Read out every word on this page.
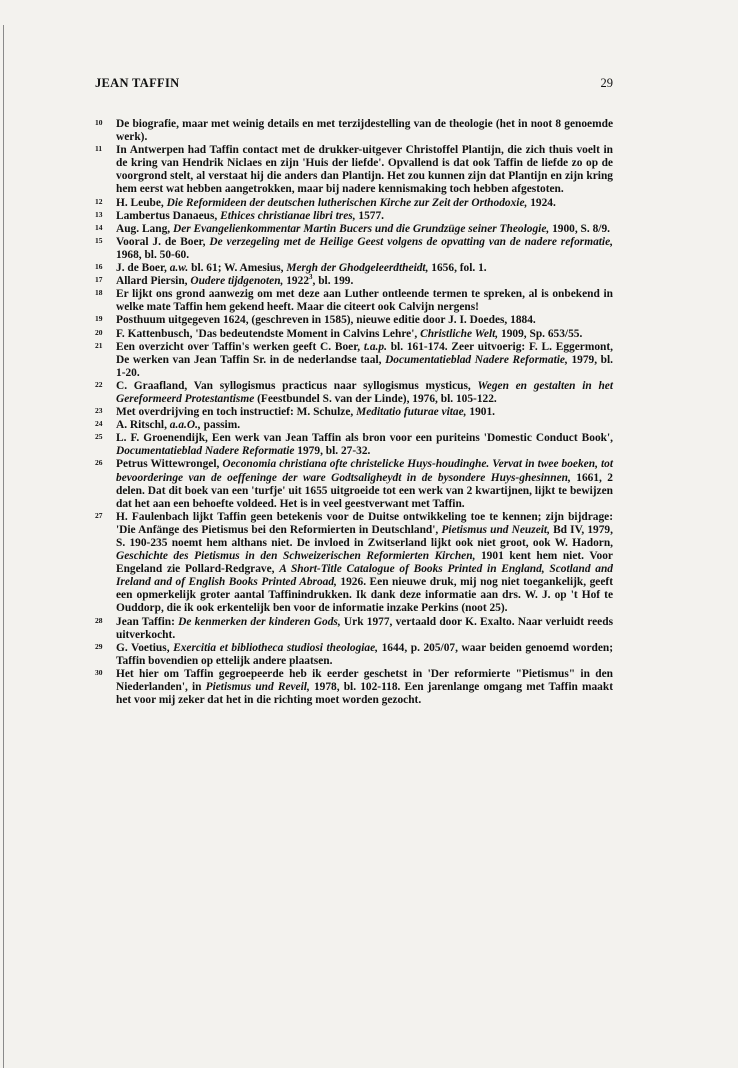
JEAN TAFFIN	29

10 De biografie, maar met weinig details en met terzijdestelling van de theologie (het in noot 8 genoemde werk).

11 In Antwerpen had Taffin contact met de drukker-uitgever Christoffel Plantijn, die zich thuis voelt in de kring van Hendrik Niclaes en zijn 'Huis der liefde'. Opvallend is dat ook Taffin de liefde zo op de voorgrond stelt, al verstaat hij die anders dan Plantijn. Het zou kunnen zijn dat Plantijn en zijn kring hem eerst wat hebben aangetrokken, maar bij nadere kennismaking toch hebben afgestoten.

12 H. Leube, Die Reformideen der deutschen lutherischen Kirche zur Zeit der Orthodoxie, 1924.

13 Lambertus Danaeus, Ethices christianae libri tres, 1577.

14 Aug. Lang, Der Evangelienkommentar Martin Bucers und die Grundzüge seiner Theologie, 1900, S. 8/9.

15 Vooral J. de Boer, De verzegeling met de Heilige Geest volgens de opvatting van de nadere reformatie, 1968, bl. 50-60.

16 J. de Boer, a.w. bl. 61; W. Amesius, Mergh der Ghodgeleerdtheidt, 1656, fol. 1.

17 Allard Piersin, Oudere tijdgenoten, 1922$^3$, bl. 199.

18 Er lijkt ons grond aanwezig om met deze aan Luther ontleende termen te spreken, al is onbekend in welke mate Taffin hem gekend heeft. Maar die citeert ook Calvijn nergens!

19 Posthuum uitgegeven 1624, (geschreven in 1585), nieuwe editie door J. I. Doedes, 1884.

20 F. Kattenbusch, 'Das bedeutendste Moment in Calvins Lehre', Christliche Welt, 1909, Sp. 653/55.

21 Een overzicht over Taffin's werken geeft C. Boer, t.a.p. bl. 161-174. Zeer uitvoerig: F. L. Eggermont, De werken van Jean Taffin Sr. in de nederlandse taal, Documentatieblad Nadere Reformatie, 1979, bl. 1-20.

22 C. Graafland, Van syllogismus practicus naar syllogismus mysticus, Wegen en gestalten in het Gereformeerd Protestantisme (Feestbundel S. van der Linde), 1976, bl. 105-122.

23 Met overdrijving en toch instructief: M. Schulze, Meditatio futurae vitae, 1901.

24 A. Ritschl, a.a.O., passim.

25 L. F. Groenendijk, Een werk van Jean Taffin als bron voor een puriteins 'Domestic Conduct Book', Documentatieblad Nadere Reformatie 1979, bl. 27-32.

26 Petrus Wittewrongel, Oeconomia christiana ofte christelicke Huys-houdinghe. Vervat in twee boeken, tot bevoorderinge van de oeffeninge der ware Godtsaligheydt in de bysondere Huys-ghesinnen, 1661, 2 delen. Dat dit boek van een 'turfje' uit 1655 uitgroeide tot een werk van 2 kwartijnen, lijkt te bewijzen dat het aan een behoefte voldeed. Het is in veel geestverwant met Taffin.

27 H. Faulenbach lijkt Taffin geen betekenis voor de Duitse ontwikkeling toe te kennen; zijn bijdrage: 'Die Anfänge des Pietismus bei den Reformierten in Deutschland', Pietismus und Neuzeit, Bd IV, 1979, S. 190-235 noemt hem althans niet. De invloed in Zwitserland lijkt ook niet groot, ook W. Hadorn, Geschichte des Pietismus in den Schweizerischen Reformierten Kirchen, 1901 kent hem niet. Voor Engeland zie Pollard-Redgrave, A Short-Title Catalogue of Books Printed in England, Scotland and Ireland and of English Books Printed Abroad, 1926. Een nieuwe druk, mij nog niet toegankelijk, geeft een opmerkelijk groter aantal Taffinindrukken. Ik dank deze informatie aan drs. W. J. op 't Hof te Ouddorp, die ik ook erkentelijk ben voor de informatie inzake Perkins (noot 25).

28 Jean Taffin: De kenmerken der kinderen Gods, Urk 1977, vertaald door K. Exalto. Naar verluidt reeds uitverkocht.

29 G. Voetius, Exercitia et bibliotheca studiosi theologiae, 1644, p. 205/07, waar beiden genoemd worden; Taffin bovendien op ettelijk andere plaatsen.

30 Het hier om Taffin gegroepeerde heb ik eerder geschetst in 'Der reformierte "Pietismus" in den Niederlanden', in Pietismus und Reveil, 1978, bl. 102-118. Een jarenlange omgang met Taffin maakt het voor mij zeker dat het in die richting moet worden gezocht.
